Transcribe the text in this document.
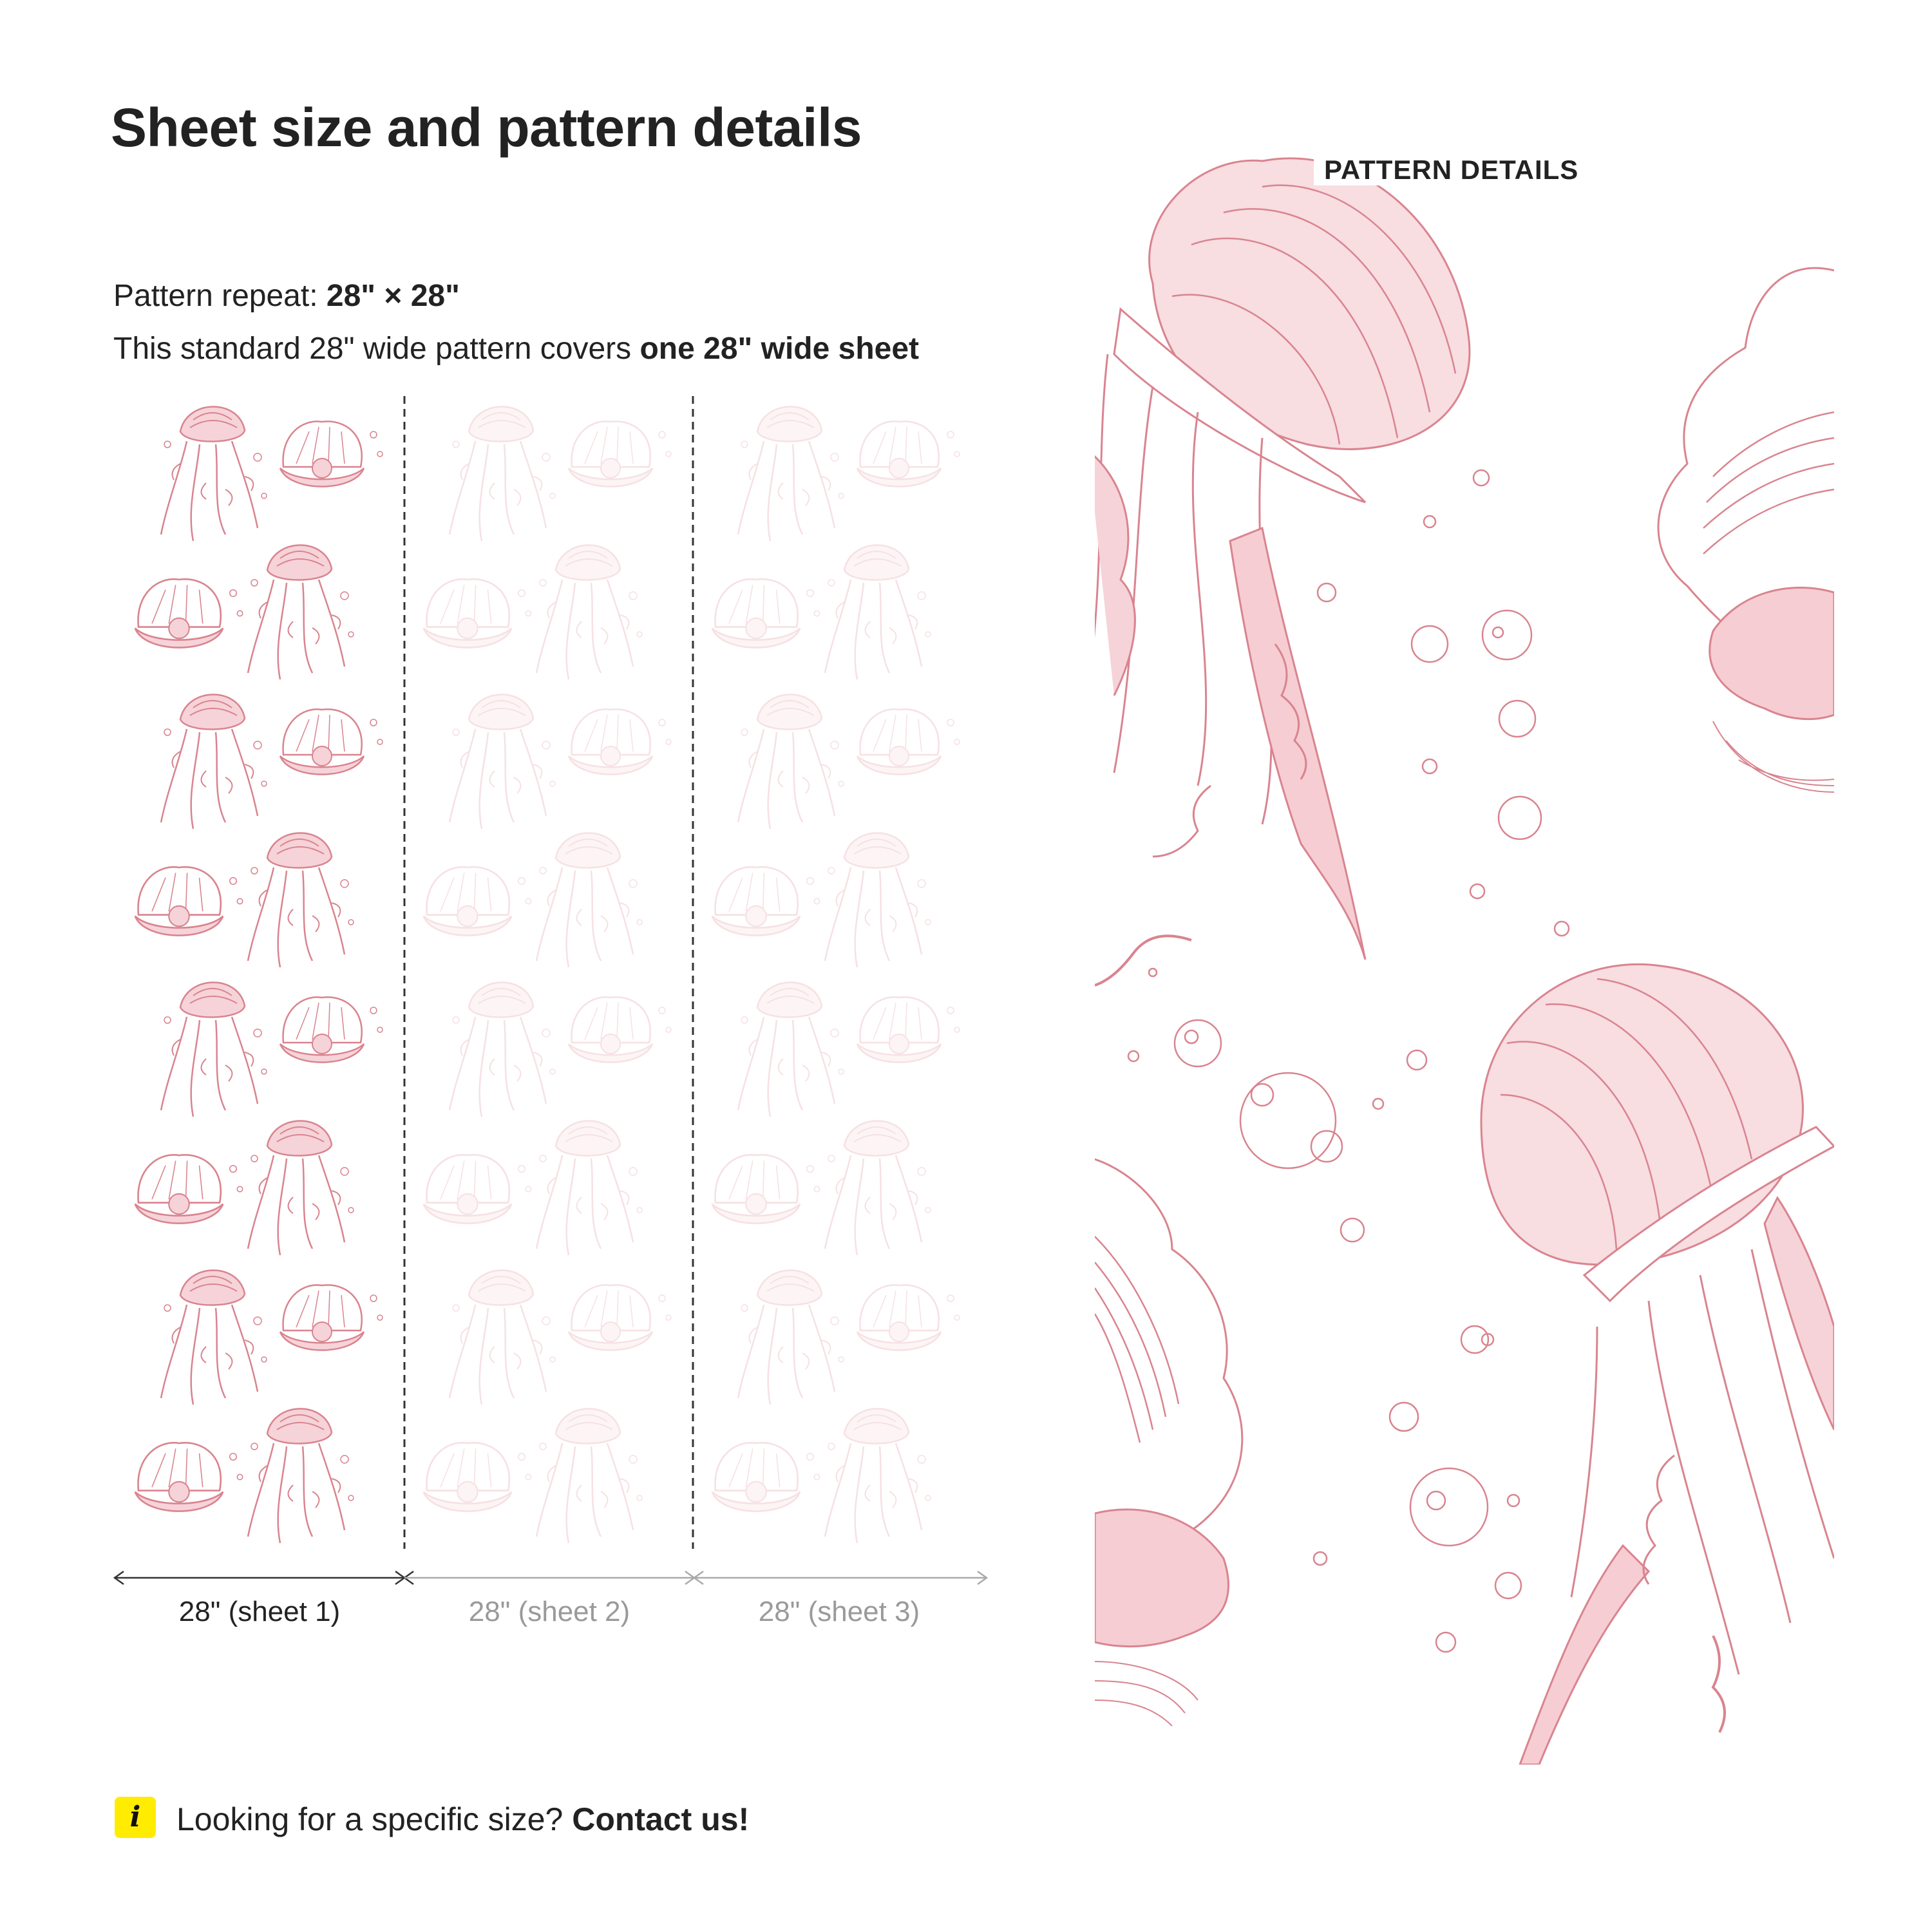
Sheet size and pattern details
Pattern repeat: 28" × 28"
This standard 28" wide pattern covers one 28" wide sheet
28" (sheet 1)	28" (sheet 2)	28" (sheet 3)
PATTERN DETAILS
i	Looking for a specific size? Contact us!
